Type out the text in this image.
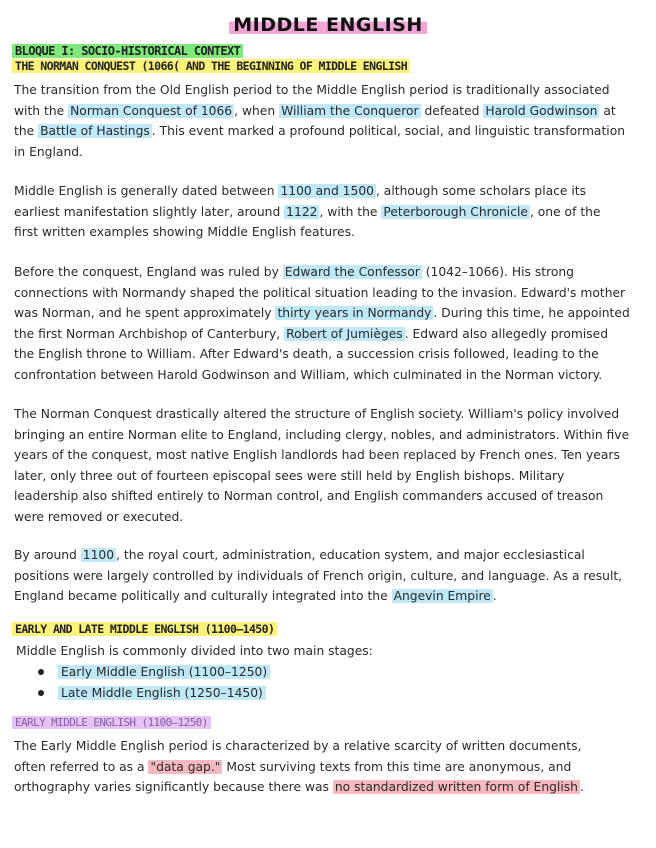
MIDDLE ENGLISH
BLOQUE I: SOCIO-HISTORICAL CONTEXT
THE NORMAN CONQUEST (1066( AND THE BEGINNING OF MIDDLE ENGLISH
The transition from the Old English period to the Middle English period is traditionally associated
with the Norman Conquest of 1066 , when William the Conqueror defeated Harold Godwinson at
the Battle of Hastings . This event marked a profound political, social, and linguistic transformation
in England.
Middle English is generally dated between 1100 and 1500 , although some scholars place its
earliest manifestation slightly later, around 1122 , with the Peterborough Chronicle , one of the
first written examples showing Middle English features.
Before the conquest, England was ruled by Edward the Confessor (1042–1066). His strong
connections with Normandy shaped the political situation leading to the invasion. Edward's mother
was Norman, and he spent approximately thirty years in Normandy . During this time, he appointed
the first Norman Archbishop of Canterbury, Robert of Jumièges . Edward also allegedly promised
the English throne to William. After Edward's death, a succession crisis followed, leading to the
confrontation between Harold Godwinson and William, which culminated in the Norman victory.
The Norman Conquest drastically altered the structure of English society. William's policy involved
bringing an entire Norman elite to England, including clergy, nobles, and administrators. Within five
years of the conquest, most native English landlords had been replaced by French ones. Ten years
later, only three out of fourteen episcopal sees were still held by English bishops. Military
leadership also shifted entirely to Norman control, and English commanders accused of treason
were removed or executed.
By around 1100 , the royal court, administration, education system, and major ecclesiastical
positions were largely controlled by individuals of French origin, culture, and language. As a result,
England became politically and culturally integrated into the Angevin Empire .
EARLY AND LATE MIDDLE ENGLISH (1100–1450)
Middle English is commonly divided into two main stages:
Early Middle English (1100–1250)
Late Middle English (1250–1450)
EARLY MIDDLE ENGLISH (1100–1250)
The Early Middle English period is characterized by a relative scarcity of written documents,
often referred to as a "data gap." Most surviving texts from this time are anonymous, and
orthography varies significantly because there was no standardized written form of English .
